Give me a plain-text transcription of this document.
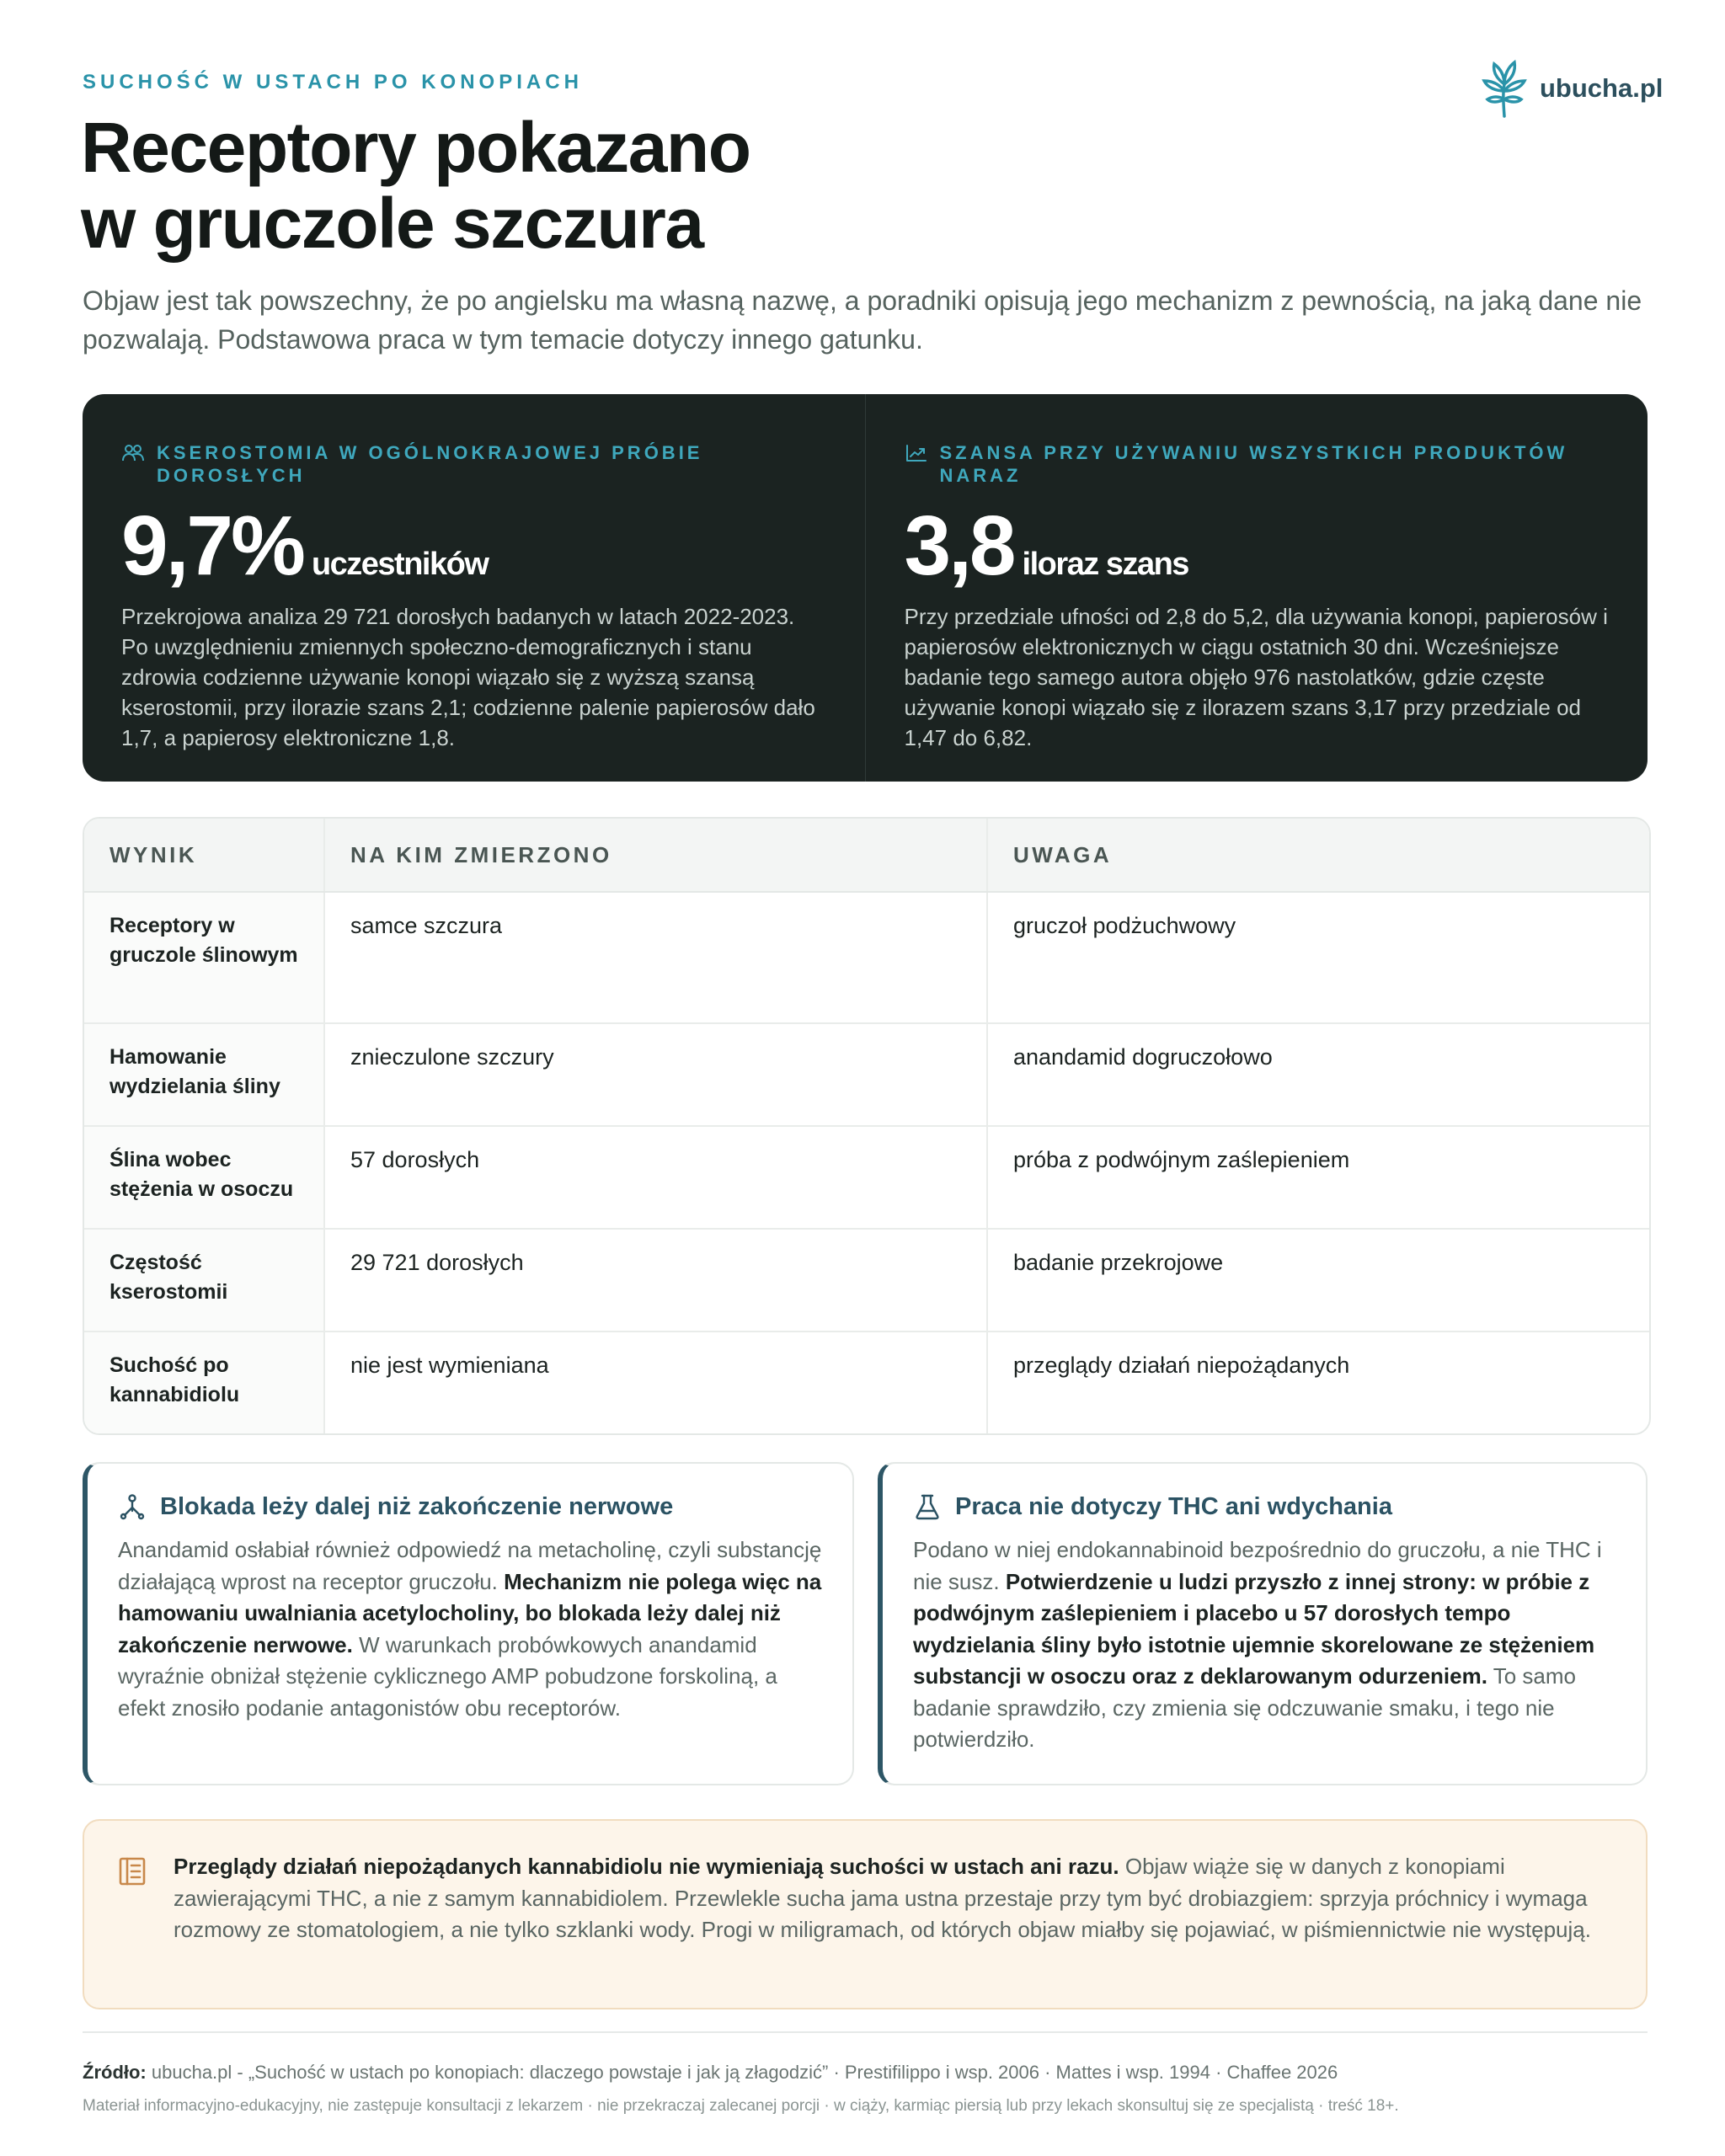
SUCHOŚĆ W USTACH PO KONOPIACH	ubucha.pl
Receptory pokazano
w gruczole szczura

Objaw jest tak powszechny, że po angielsku ma własną nazwę, a poradniki opisują jego mechanizm z pewnością, na jaką dane nie pozwalają. Podstawowa praca w tym temacie dotyczy innego gatunku.

KSEROSTOMIA W OGÓLNOKRAJOWEJ PRÓBIE DOROSŁYCH
9,7% uczestników
Przekrojowa analiza 29 721 dorosłych badanych w latach 2022-2023. Po uwzględnieniu zmiennych społeczno-demograficznych i stanu zdrowia codzienne używanie konopi wiązało się z wyższą szansą kserostomii, przy ilorazie szans 2,1; codzienne palenie papierosów dało 1,7, a papierosy elektroniczne 1,8.
SZANSA PRZY UŻYWANIU WSZYSTKICH PRODUKTÓW NARAZ
3,8 iloraz szans
Przy przedziale ufności od 2,8 do 5,2, dla używania konopi, papierosów i papierosów elektronicznych w ciągu ostatnich 30 dni. Wcześniejsze badanie tego samego autora objęło 976 nastolatków, gdzie częste używanie konopi wiązało się z ilorazem szans 3,17 przy przedziale od 1,47 do 6,82.
WYNIK	NA KIM ZMIERZONO	UWAGA
Receptory w gruczole ślinowym	samce szczura	gruczoł podżuchwowy
Hamowanie wydzielania śliny	znieczulone szczury	anandamid dogruczołowo
Ślina wobec stężenia w osoczu	57 dorosłych	próba z podwójnym zaślepieniem
Częstość kserostomii	29 721 dorosłych	badanie przekrojowe
Suchość po kannabidiolu	nie jest wymieniana	przeglądy działań niepożądanych
Blokada leży dalej niż zakończenie nerwowe
Anandamid osłabiał również odpowiedź na metacholinę, czyli substancję działającą wprost na receptor gruczołu. Mechanizm nie polega więc na hamowaniu uwalniania acetylocholiny, bo blokada leży dalej niż zakończenie nerwowe. W warunkach probówkowych anandamid wyraźnie obniżał stężenie cyklicznego AMP pobudzone forskoliną, a efekt znosiło podanie antagonistów obu receptorów.
Praca nie dotyczy THC ani wdychania
Podano w niej endokannabinoid bezpośrednio do gruczołu, a nie THC i nie susz. Potwierdzenie u ludzi przyszło z innej strony: w próbie z podwójnym zaślepieniem i placebo u 57 dorosłych tempo wydzielania śliny było istotnie ujemnie skorelowane ze stężeniem substancji w osoczu oraz z deklarowanym odurzeniem. To samo badanie sprawdziło, czy zmienia się odczuwanie smaku, i tego nie potwierdziło.
Przeglądy działań niepożądanych kannabidiolu nie wymieniają suchości w ustach ani razu. Objaw wiąże się w danych z konopiami zawierającymi THC, a nie z samym kannabidiolem. Przewlekle sucha jama ustna przestaje przy tym być drobiazgiem: sprzyja próchnicy i wymaga rozmowy ze stomatologiem, a nie tylko szklanki wody. Progi w miligramach, od których objaw miałby się pojawiać, w piśmiennictwie nie występują.
Źródło: ubucha.pl - „Suchość w ustach po konopiach: dlaczego powstaje i jak ją złagodzić” · Prestifilippo i wsp. 2006 · Mattes i wsp. 1994 · Chaffee 2026
Materiał informacyjno-edukacyjny, nie zastępuje konsultacji z lekarzem · nie przekraczaj zalecanej porcji · w ciąży, karmiąc piersią lub przy lekach skonsultuj się ze specjalistą · treść 18+.
